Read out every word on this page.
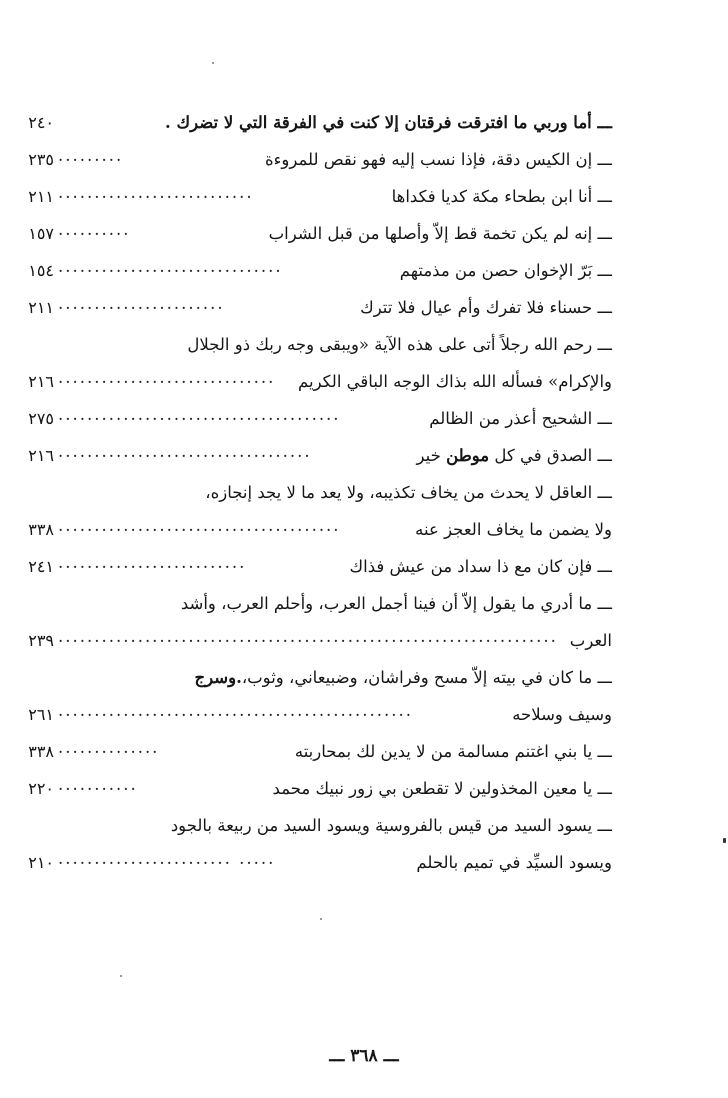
ـــ أما وربي ما افترقت فرقتان إلا كنت في الفرقة التي لا تضرك .
٢٤٠
ـــ إن الكيس دقة، فإذا نسب إليه فهو نقص للمروءة
.........
٢٣٥
ـــ أنا ابن بطحاء مكة كديا فكداها
...........................
٢١١
ـــ إنه لم يكن تخمة قط إلاّ وأصلها من قبل الشراب
..........
١٥٧
ـــ بَرّ الإخوان حصن من مذمتهم
...............................
١٥٤
ـــ حسناء فلا تفرك وأم عيال فلا تترك
.......................
٢١١
ـــ رحم الله رجلاً أتى على هذه الآية «ويبقى وجه ربك ذو الجلال
والإكرام» فسأله الله بذاك الوجه الباقي الكريم
..............................
٢١٦
ـــ الشحيح أعذر من الظالم
.......................................
٢٧٥
ـــ الصدق في كل موطن خير
...................................
٢١٦
ـــ العاقل لا يحدث من يخاف تكذيبه، ولا يعد ما لا يجد إنجازه،
ولا يضمن ما يخاف العجز عنه
.......................................
٣٣٨
ـــ فإن كان مع ذا سداد من عيش فذاك
..........................
٢٤١
ـــ ما أدري ما يقول إلاّ أن فينا أجمل العرب، وأحلم العرب، وأشد
العرب
.....................................................................
٢٣٩
ـــ ما كان في بيته إلاّ مسح وفراشان، وضبيعاني، وثوب،.وسرج
وسيف وسلاحه
.................................................
٢٦١
ـــ يا بني اغتنم مسالمة من لا يدين لك بمحاربته
..............
٣٣٨
ـــ يا معين المخذولين لا تقطعن بي زور نبيك محمد
...........
٢٢٠
ـــ يسود السيد من قيس بالفروسية ويسود السيد من ربيعة بالجود
ويسود السيِّد في تميم بالحلم
........................ .....
٢١٠
ـــ ٣٦٨ ـــ
